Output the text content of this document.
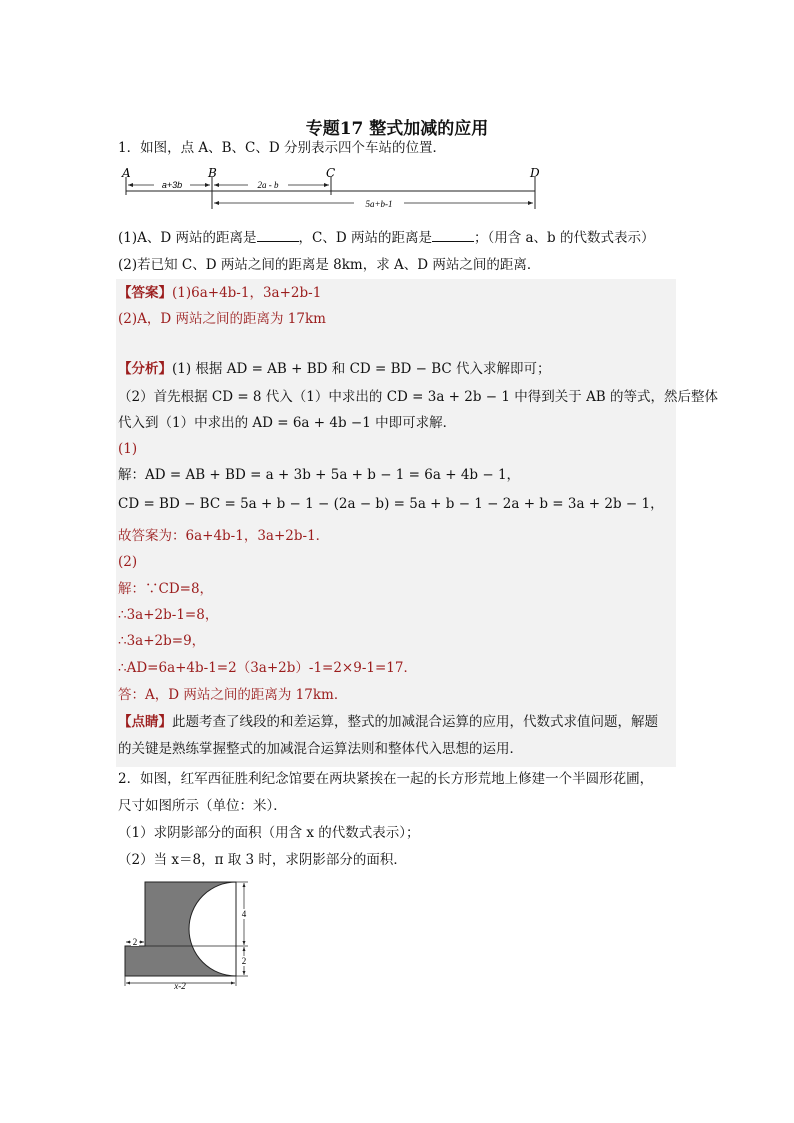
专题17 整式加减的应用
1．如图，点 A、B、C、D 分别表示四个车站的位置．
A	B	C	D
a+3b	2a - b
5a+b-1
(1)A、D 两站的距离是	，C、D 两站的距离是	；（用含 a、b 的代数式表示）
(2)若已知 C、D 两站之间的距离是 8km，求 A、D 两站之间的距离．
【答案】(1)6a+4b-1，3a+2b-1
(2)A，D 两站之间的距离为 17km
【分析】(1) 根据 AD = AB + BD 和 CD = BD − BC 代入求解即可；
（2）首先根据 CD = 8 代入（1）中求出的 CD = 3a + 2b − 1 中得到关于 AB 的等式，然后整体
代入到（1）中求出的 AD = 6a + 4b −1 中即可求解．
(1)
解：AD = AB + BD = a + 3b + 5a + b − 1 = 6a + 4b − 1，
CD = BD − BC = 5a + b − 1 − (2a − b) = 5a + b − 1 − 2a + b = 3a + 2b − 1，
故答案为：6a+4b-1，3a+2b-1．
(2)
解：∵CD=8，
∴3a+2b-1=8，
∴3a+2b=9，
∴AD=6a+4b-1=2（3a+2b）-1=2×9-1=17．
答：A，D 两站之间的距离为 17km．
【点睛】此题考查了线段的和差运算，整式的加减混合运算的应用，代数式求值问题，解题
的关键是熟练掌握整式的加减混合运算法则和整体代入思想的运用．
2．如图，红军西征胜利纪念馆要在两块紧挨在一起的长方形荒地上修建一个半圆形花圃，
尺寸如图所示（单位：米）．
（1）求阴影部分的面积（用含 x 的代数式表示）；
（2）当 x＝8，π 取 3 时，求阴影部分的面积．
2
4
2
x-2
